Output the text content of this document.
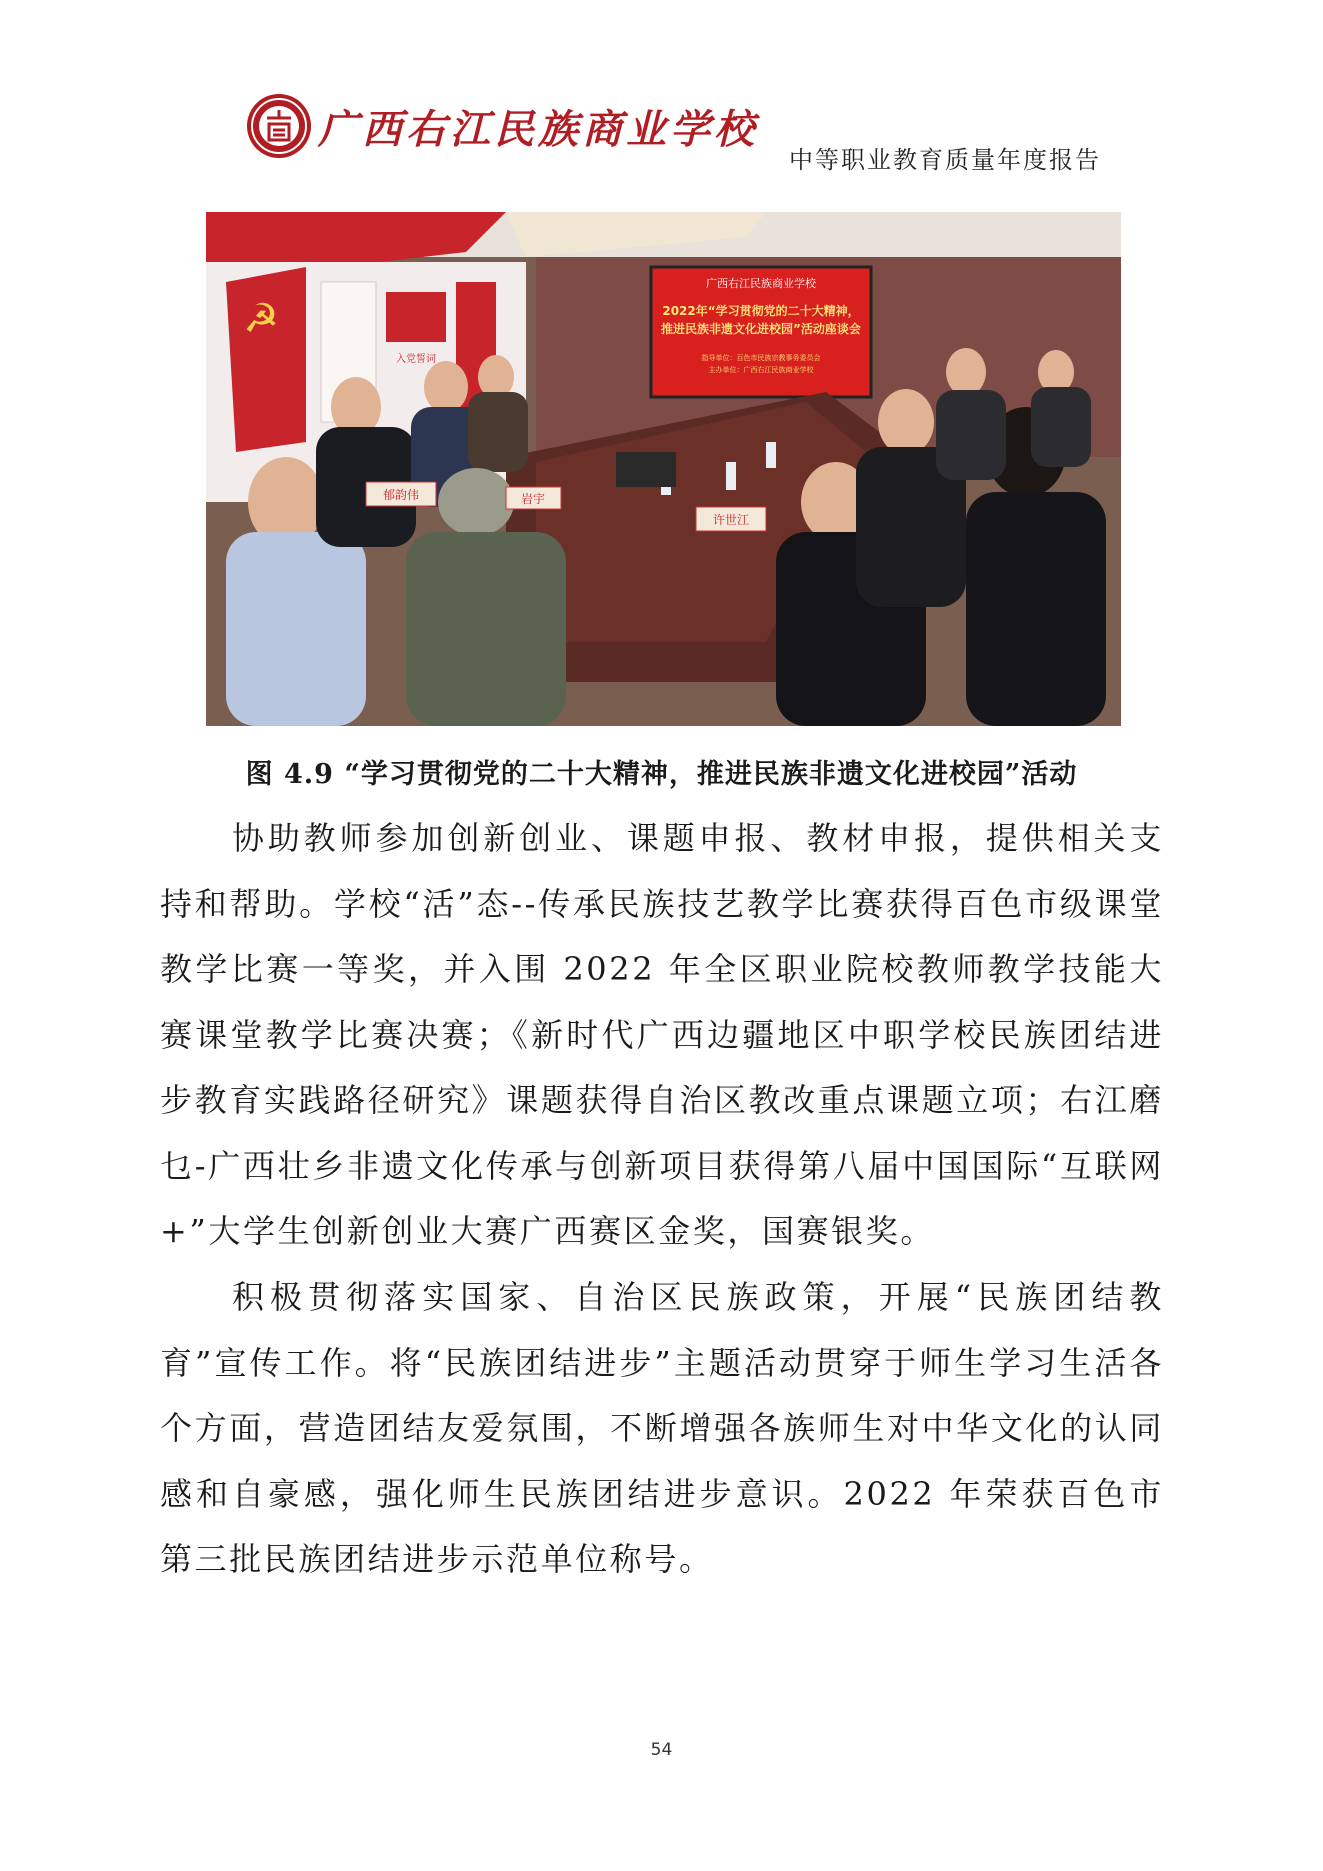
广西右江民族商业学校
中等职业教育质量年度报告
☭
入党誓词
广西右江民族商业学校
2022年“学习贯彻党的二十大精神，
推进民族非遗文化进校园”活动座谈会
指导单位：百色市民族宗教事务委员会
主办单位：广西右江民族商业学校
郁韵伟	岩宇
许世江
图 4.9 “学习贯彻党的二十大精神，推进民族非遗文化进校园”活动

协助教师参加创新创业、课题申报、教材申报，提供相关支持和帮助。学校“活”态--传承民族技艺教学比赛获得百色市级课堂教学比赛一等奖，并入围 2022 年全区职业院校教师教学技能大赛课堂教学比赛决赛；《新时代广西边疆地区中职学校民族团结进步教育实践路径研究》课题获得自治区教改重点课题立项；右江磨乜-广西壮乡非遗文化传承与创新项目获得第八届中国国际“互联网+”大学生创新创业大赛广西赛区金奖，国赛银奖。

积极贯彻落实国家、自治区民族政策，开展“民族团结教育”宣传工作。将“民族团结进步”主题活动贯穿于师生学习生活各个方面，营造团结友爱氛围，不断增强各族师生对中华文化的认同感和自豪感，强化师生民族团结进步意识。2022 年荣获百色市第三批民族团结进步示范单位称号。

54
